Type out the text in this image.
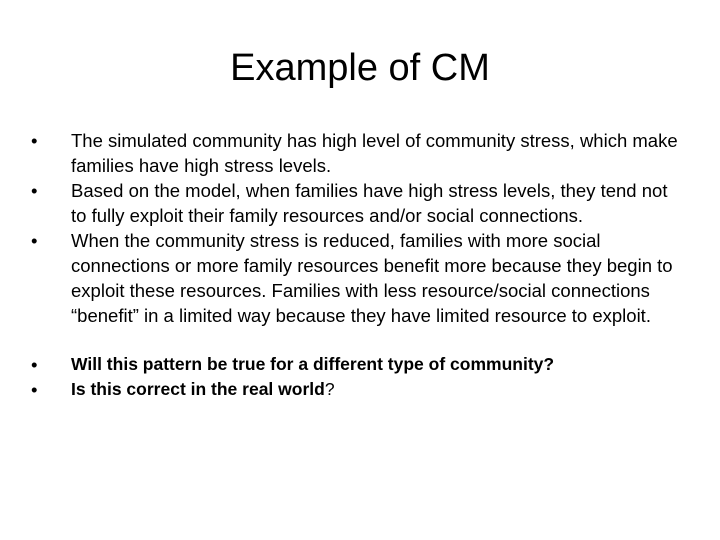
Example of CM
•	The simulated community has high level of community stress, which make families have high stress levels.
•	Based on the model, when families have high stress levels, they tend not to fully exploit their family resources and/or social connections.
•	When the community stress is reduced, families with more social connections or more family resources benefit more because they begin to exploit these resources. Families with less resource/social connections “benefit” in a limited way because they have limited resource to exploit.
•	Will this pattern be true for a different type of community?
•	Is this correct in the real world?
